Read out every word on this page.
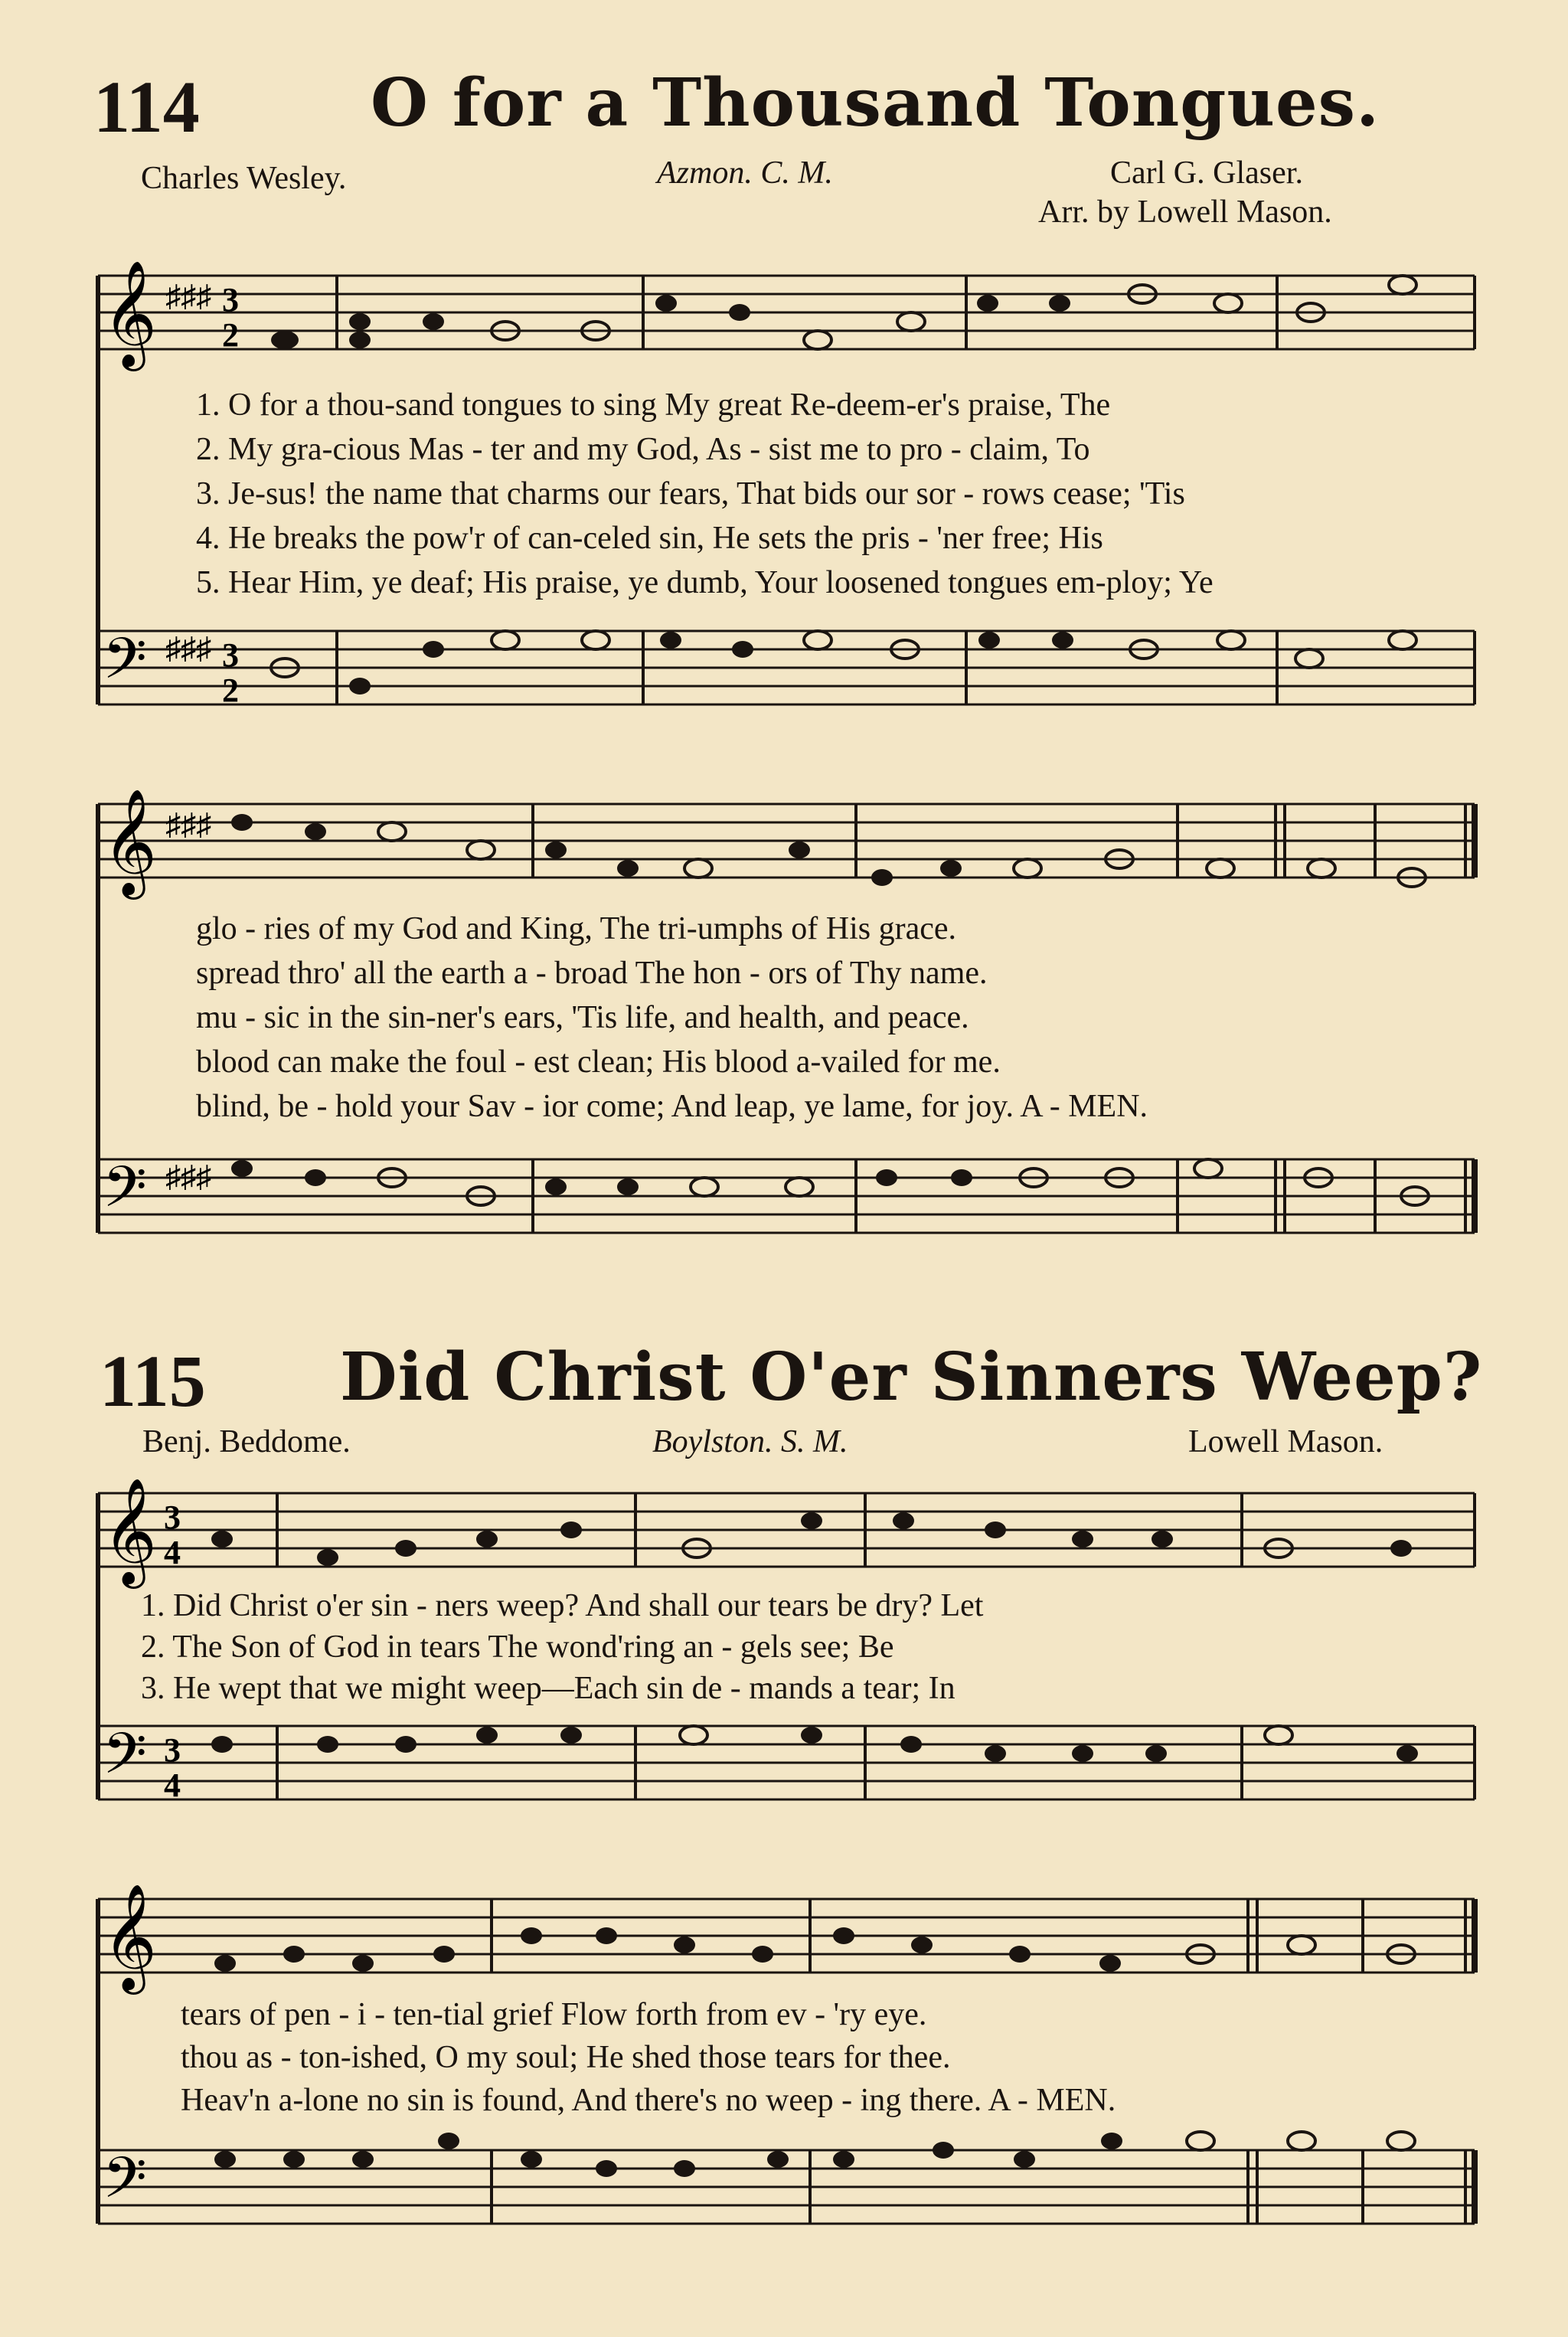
114	O for a Thousand Tongues.
Charles Wesley.	Azmon. C. M.	Carl G. Glaser.
Arr. by Lowell Mason.
𝄞
𝄢
♯♯♯
♯♯♯
3
2
3
2
1. O for a thou-sand tongues to sing My great Re-deem-er's praise, The
2. My gra-cious Mas - ter and my God, As - sist me to pro - claim, To
3. Je-sus! the name that charms our fears, That bids our sor - rows cease; 'Tis
4. He breaks the pow'r of can-celed sin, He sets the pris - 'ner free; His
5. Hear Him, ye deaf; His praise, ye dumb, Your loosened tongues em-ploy; Ye
𝄞
𝄢
♯♯♯
♯♯♯
glo - ries of my God and King, The tri-umphs of His grace.
spread thro' all the earth a - broad The hon - ors of Thy name.
mu - sic in the sin-ner's ears, 'Tis life, and health, and peace.
blood can make the foul - est clean; His blood a-vailed for me.
blind, be - hold your Sav - ior come; And leap, ye lame, for joy. A - MEN.
115 Did Christ O'er Sinners Weep?
Benj. Beddome.	Boylston. S. M.	Lowell Mason.
𝄞
𝄢
3
4
3
4
1. Did Christ o'er sin - ners weep? And shall our tears be dry? Let
2. The Son of God in tears The wond'ring an - gels see; Be
3. He wept that we might weep—Each sin de - mands a tear; In
𝄞
𝄢
tears of pen - i - ten-tial grief Flow forth from ev - 'ry eye.
thou as - ton-ished, O my soul; He shed those tears for thee.
Heav'n a-lone no sin is found, And there's no weep - ing there. A - MEN.
